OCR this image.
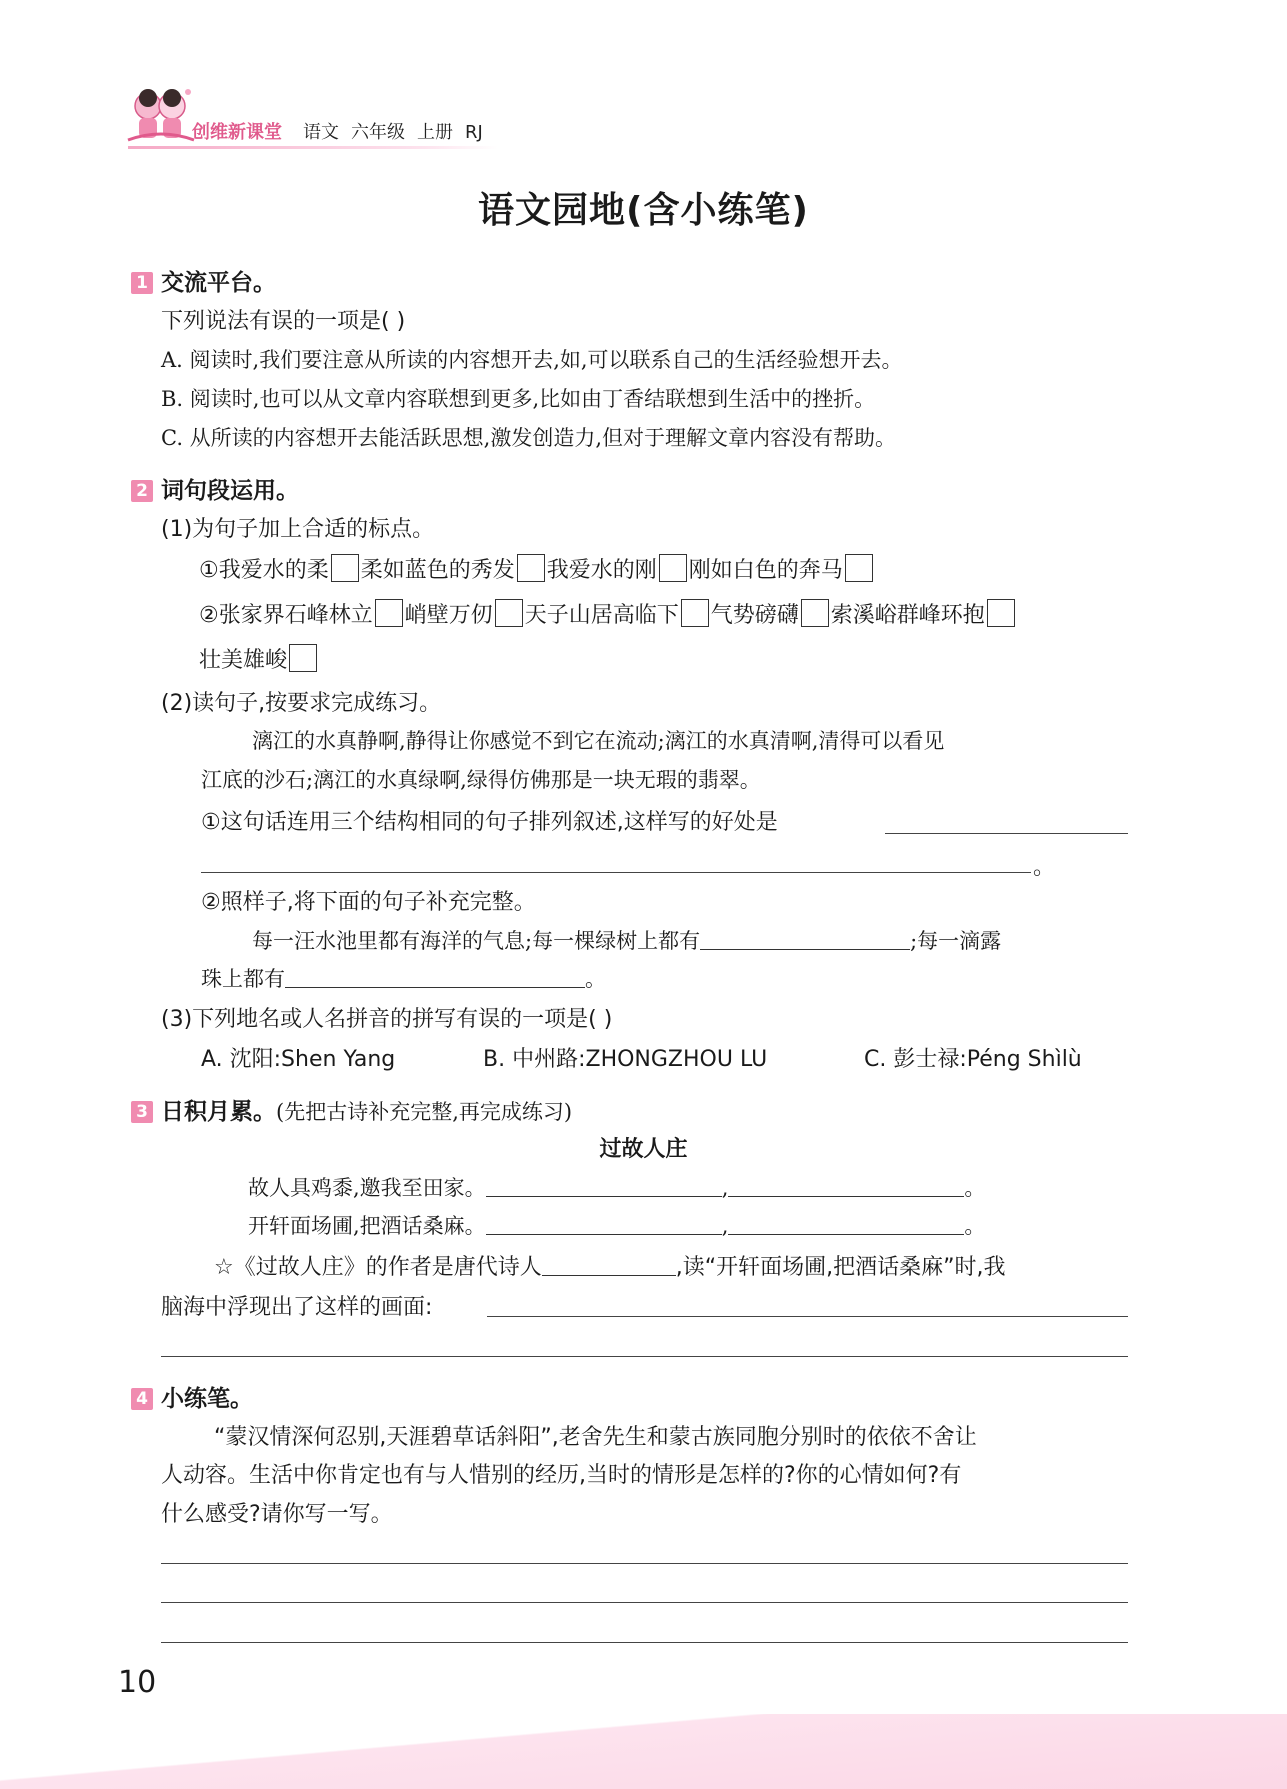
创维新课堂 语文 六年级 上册 RJ
语文园地(含小练笔)
1 交流平台。
下列说法有误的一项是( )
A. 阅读时,我们要注意从所读的内容想开去,如,可以联系自己的生活经验想开去。
B. 阅读时,也可以从文章内容联想到更多,比如由丁香结联想到生活中的挫折。
C. 从所读的内容想开去能活跃思想,激发创造力,但对于理解文章内容没有帮助。
2 词句段运用。
(1)为句子加上合适的标点。
①我爱水的柔 柔如蓝色的秀发 我爱水的刚 刚如白色的奔马
②张家界石峰林立 峭壁万仞 天子山居高临下 气势磅礴 索溪峪群峰环抱
壮美雄峻
(2)读句子,按要求完成练习。
漓江的水真静啊,静得让你感觉不到它在流动;漓江的水真清啊,清得可以看见
江底的沙石;漓江的水真绿啊,绿得仿佛那是一块无瑕的翡翠。
①这句话连用三个结构相同的句子排列叙述,这样写的好处是
。
②照样子,将下面的句子补充完整。
每一汪水池里都有海洋的气息;每一棵绿树上都有	;每一滴露
珠上都有	。
(3)下列地名或人名拼音的拼写有误的一项是( )
A. 沈阳:Shen Yang	B. 中州路:ZHONGZHOU LU	C. 彭士禄:Péng Shìlù
3 日积月累。(先把古诗补充完整,再完成练习)
过故人庄
故人具鸡黍,邀我至田家。	,	。
开轩面场圃,把酒话桑麻。	,	。
☆《过故人庄》的作者是唐代诗人	,读“开轩面场圃,把酒话桑麻”时,我
脑海中浮现出了这样的画面:
4 小练笔。
“蒙汉情深何忍别,天涯碧草话斜阳”,老舍先生和蒙古族同胞分别时的依依不舍让
人动容。生活中你肯定也有与人惜别的经历,当时的情形是怎样的?你的心情如何?有
什么感受?请你写一写。
10
